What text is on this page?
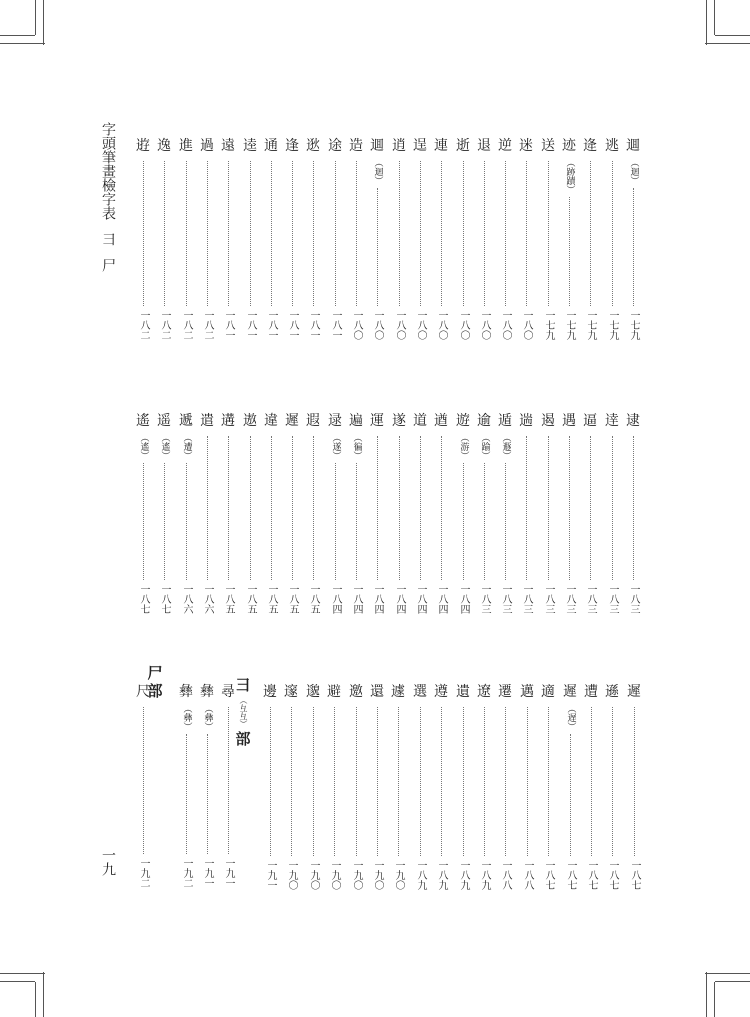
字頭筆畫檢字表彐尸
一九
逰
一八二
逸
一八二
進
一八二
過
一八二
遠
一八一
逵
一八一
通
一八一
逢
一八一
逖
一八一
途
一八一
造
一八〇
逥
（迴）
一八〇
逍
一八〇
逞
一八〇
連
一八〇
逝
一八〇
退
一八〇
逆
一八〇
迷
一八〇
送
一七九
迹
（跡蹟）
一七九
逄
一七九
逃
一七九
逥
（迴）
一七九
遙
（遙）
一八七
遥
（遙）
一八七
遞
（遭）
一八六
遣
一八六
遘
一八五
遨
一八五
違
一八五
遲
一八五
遐
一八五
逯
（遂）
一八四
遍
（徧）
一八四
運
一八四
遂
一八四
道
一八四
遒
一八四
遊
（游）
一八四
逾
（踰）
一八三
遁
（遯）
一八三
遄
一八三
遏
一八三
遇
一八三
逼
一八三
逹
一八三
逮
一八三
邊
一九一
邃
一九〇
邈
一九〇
避
一九〇
邀
一九〇
還
一九〇
遽
一九〇
選
一八九
遵
一八九
遺
一八九
遼
一八九
遷
一八八
邁
一八八
適
一八七
遲
（遅）
一八七
遭
一八七
遜
一八七
遲
一八七
尺
一九二
彝
（彝）
一九二
彝
（彝）
一九一
尋
一九一
彐
（彑彑）
部
尸
部
